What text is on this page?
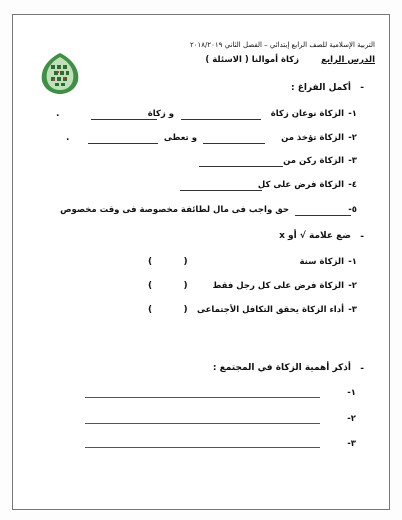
التربية الإسلامية للصف الرابع إبتدائي – الفصل الثاني ٢٠١٨/٢٠١٩
الدرس الرابع
زكاة أموالنا ( الاسئلة )
-
أكمل الفراغ :
١-
الزكاة نوعان زكاة
و زكاة
.
٢-
الزكاة تؤخذ من
و تعطى
.
٣-
الزكاة ركن من
٤-
الزكاة فرض على كل
٥-
حق واجب فى مال لطائفة مخصوصة فى وقت مخصوص
-
ضع علامة √ أو x
١-
الزكاة سنة
(          )
٢-
الزكاة فرض على كل رجل فقط
(          )
٣-
أداء الزكاة يحقق التكافل الأجتماعى
(          )
-
أذكر أهمية الزكاة في المجتمع :
١-
٢-
٣-
